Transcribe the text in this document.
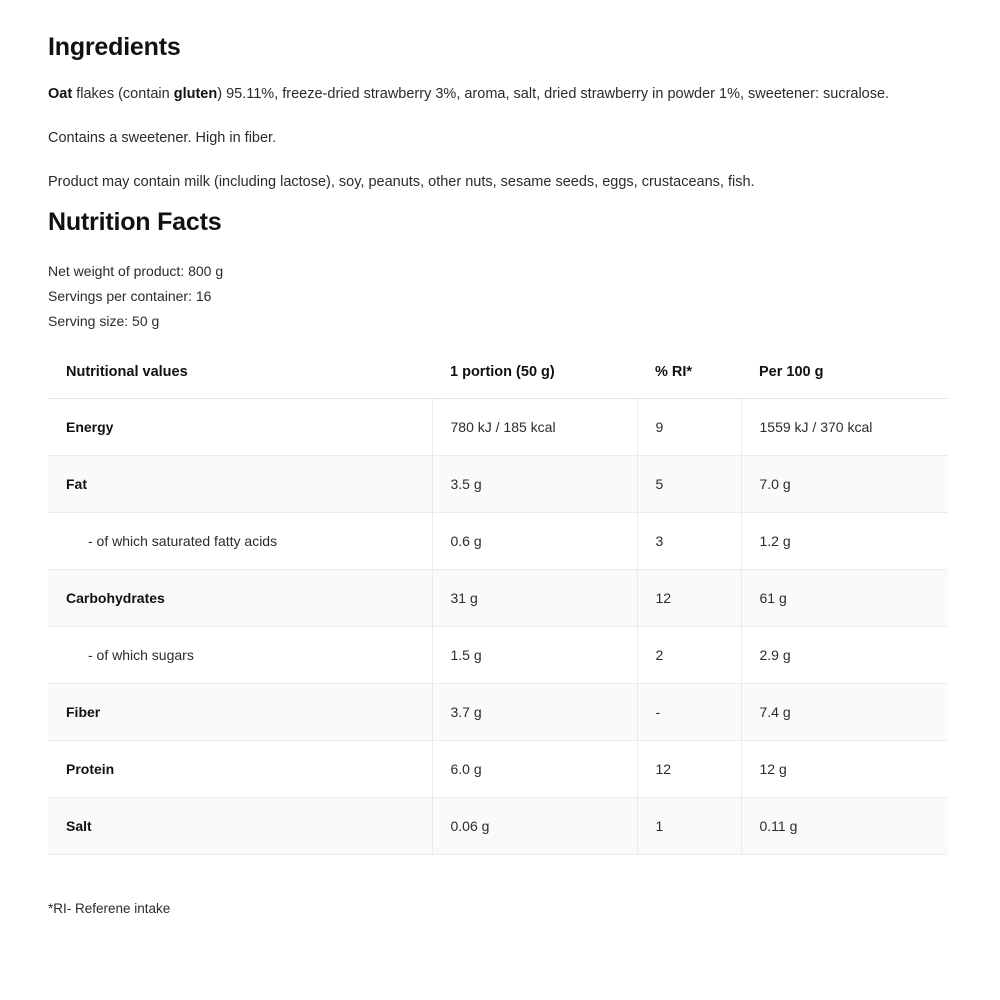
Ingredients

Oat flakes (contain gluten) 95.11%, freeze-dried strawberry 3%, aroma, salt, dried strawberry in powder 1%, sweetener: sucralose.

Contains a sweetener. High in fiber.

Product may contain milk (including lactose), soy, peanuts, other nuts, sesame seeds, eggs, crustaceans, fish.

Nutrition Facts
Net weight of product: 800 g
Servings per container: 16
Serving size: 50 g
Nutritional values	1 portion (50 g)	% RI*	Per 100 g
Energy	780 kJ / 185 kcal	9	1559 kJ / 370 kcal
Fat	3.5 g	5	7.0 g
- of which saturated fatty acids	0.6 g	3	1.2 g
Carbohydrates	31 g	12	61 g
- of which sugars	1.5 g	2	2.9 g
Fiber	3.7 g	-	7.4 g
Protein	6.0 g	12	12 g
Salt	0.06 g	1	0.11 g
*RI- Referene intake
